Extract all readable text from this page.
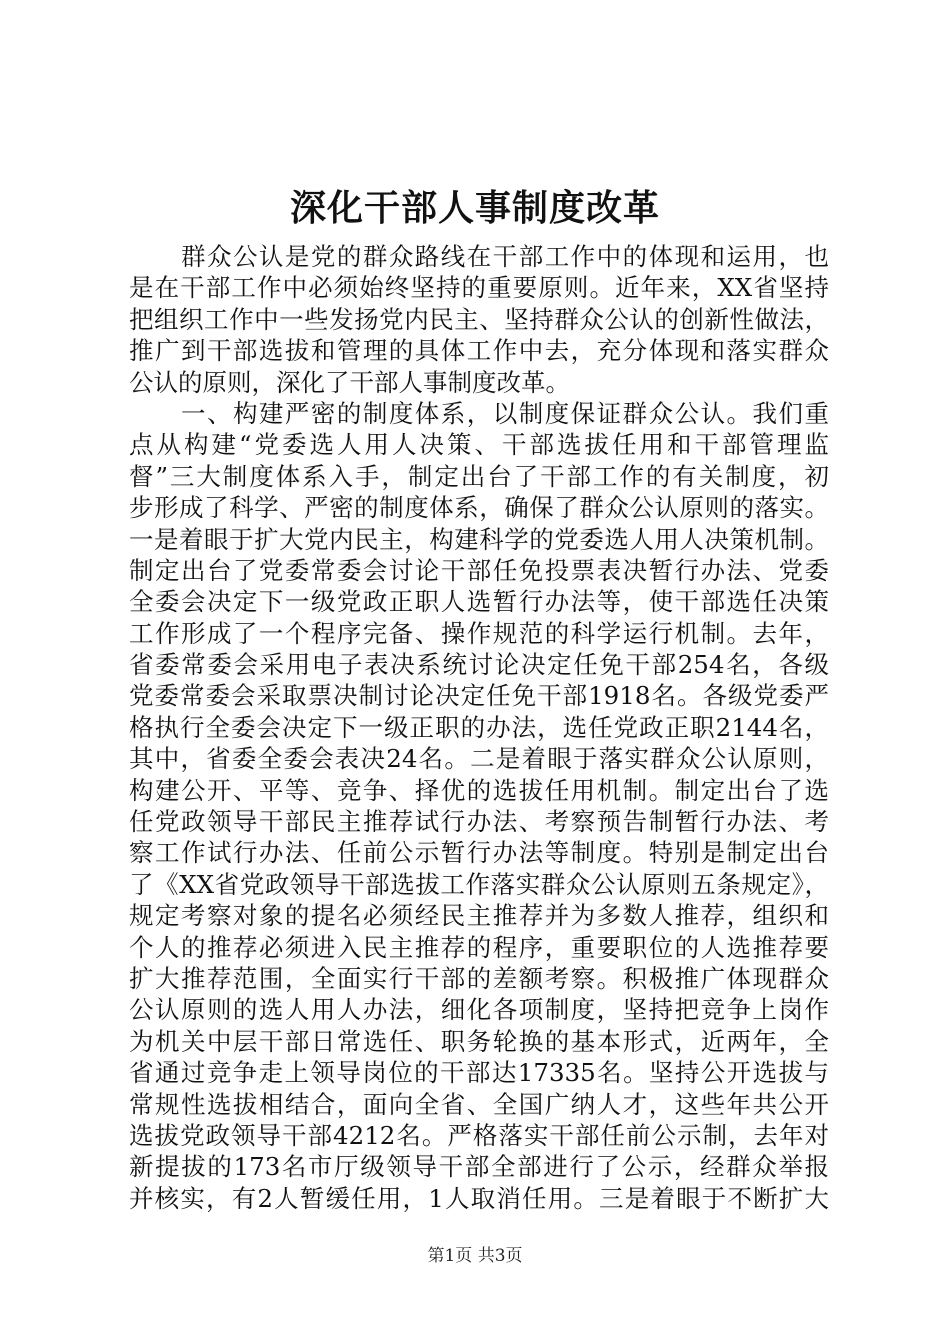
深化干部人事制度改革
群众公认是党的群众路线在干部工作中的体现和运用，也
是在干部工作中必须始终坚持的重要原则。近年来，XX省坚持
把组织工作中一些发扬党内民主、坚持群众公认的创新性做法，
推广到干部选拔和管理的具体工作中去，充分体现和落实群众
公认的原则，深化了干部人事制度改革。
一、构建严密的制度体系，以制度保证群众公认。我们重
点从构建“党委选人用人决策、干部选拔任用和干部管理监
督”三大制度体系入手，制定出台了干部工作的有关制度，初
步形成了科学、严密的制度体系，确保了群众公认原则的落实。
一是着眼于扩大党内民主，构建科学的党委选人用人决策机制。
制定出台了党委常委会讨论干部任免投票表决暂行办法、党委
全委会决定下一级党政正职人选暂行办法等，使干部选任决策
工作形成了一个程序完备、操作规范的科学运行机制。去年，
省委常委会采用电子表决系统讨论决定任免干部254名，各级
党委常委会采取票决制讨论决定任免干部1918名。各级党委严
格执行全委会决定下一级正职的办法，选任党政正职2144名，
其中，省委全委会表决24名。二是着眼于落实群众公认原则，
构建公开、平等、竞争、择优的选拔任用机制。制定出台了选
任党政领导干部民主推荐试行办法、考察预告制暂行办法、考
察工作试行办法、任前公示暂行办法等制度。特别是制定出台
了《XX省党政领导干部选拔工作落实群众公认原则五条规定》，
规定考察对象的提名必须经民主推荐并为多数人推荐，组织和
个人的推荐必须进入民主推荐的程序，重要职位的人选推荐要
扩大推荐范围，全面实行干部的差额考察。积极推广体现群众
公认原则的选人用人办法，细化各项制度，坚持把竞争上岗作
为机关中层干部日常选任、职务轮换的基本形式，近两年，全
省通过竞争走上领导岗位的干部达17335名。坚持公开选拔与
常规性选拔相结合，面向全省、全国广纳人才，这些年共公开
选拔党政领导干部4212名。严格落实干部任前公示制，去年对
新提拔的173名市厅级领导干部全部进行了公示，经群众举报
并核实，有2人暂缓任用，1人取消任用。三是着眼于不断扩大
第1页 共3页
